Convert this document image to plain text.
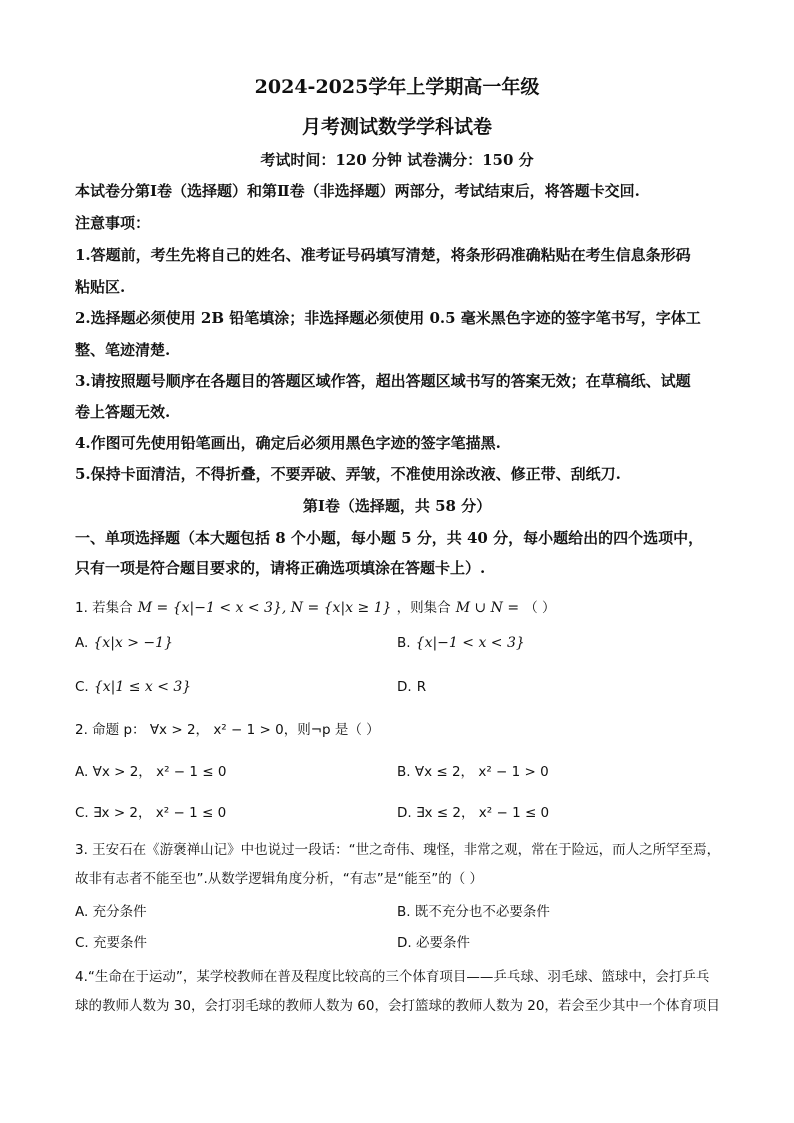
2024-2025学年上学期高一年级
月考测试数学学科试卷
考试时间：120 分钟 试卷满分：150 分
本试卷分第Ⅰ卷（选择题）和第Ⅱ卷（非选择题）两部分，考试结束后，将答题卡交回.
注意事项：
1.答题前，考生先将自己的姓名、准考证号码填写清楚，将条形码准确粘贴在考生信息条形码
粘贴区.
2.选择题必须使用 2B 铅笔填涂；非选择题必须使用 0.5 毫米黑色字迹的签字笔书写，字体工
整、笔迹清楚.
3.请按照题号顺序在各题目的答题区域作答，超出答题区域书写的答案无效；在草稿纸、试题
卷上答题无效.
4.作图可先使用铅笔画出，确定后必须用黑色字迹的签字笔描黑.
5.保持卡面清洁，不得折叠，不要弄破、弄皱，不准使用涂改液、修正带、刮纸刀.
第Ⅰ卷（选择题，共 58 分）
一、单项选择题（本大题包括 8 个小题，每小题 5 分，共 40 分，每小题给出的四个选项中，
只有一项是符合题目要求的，请将正确选项填涂在答题卡上）.
1. 若集合 M = {x|−1 < x < 3}, N = {x|x ≥ 1} ，则集合 M ∪ N = （ ）
A. {x|x > −1}	B. {x|−1 < x < 3}
C. {x|1 ≤ x < 3}	D. R
2. 命题 p： ∀x > 2， x² − 1 > 0，则¬p 是（ ）
A. ∀x > 2， x² − 1 ≤ 0	B. ∀x ≤ 2， x² − 1 > 0
C. ∃x > 2， x² − 1 ≤ 0	D. ∃x ≤ 2， x² − 1 ≤ 0
3. 王安石在《游褒禅山记》中也说过一段话：“世之奇伟、瑰怪，非常之观，常在于险远，而人之所罕至焉，
故非有志者不能至也”.从数学逻辑角度分析，“有志”是“能至”的（ ）
A. 充分条件	B. 既不充分也不必要条件
C. 充要条件	D. 必要条件
4.“生命在于运动”，某学校教师在普及程度比较高的三个体育项目——乒乓球、羽毛球、篮球中，会打乒乓
球的教师人数为 30，会打羽毛球的教师人数为 60，会打篮球的教师人数为 20，若会至少其中一个体育项目
